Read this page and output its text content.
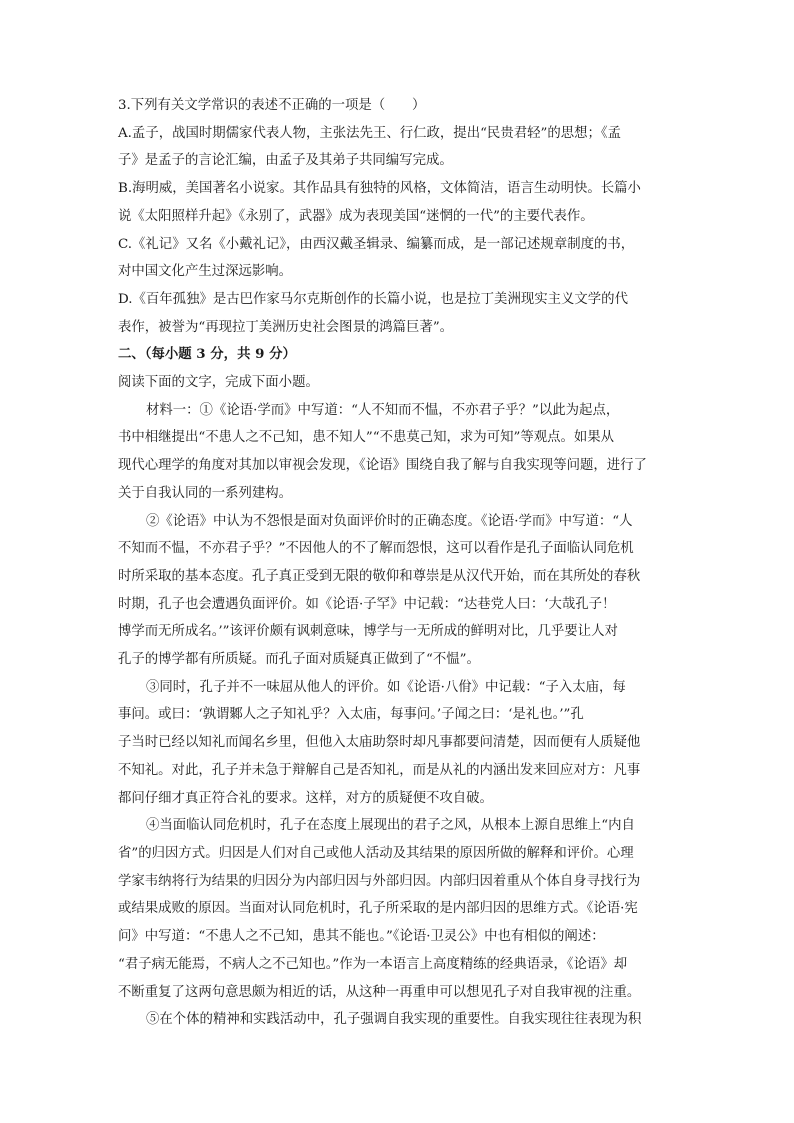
3.下列有关文学常识的表述不正确的一项是（　　）
A.孟子，战国时期儒家代表人物，主张法先王、行仁政，提出“民贵君轻”的思想；《孟
子》是孟子的言论汇编，由孟子及其弟子共同编写完成。
B.海明威，美国著名小说家。其作品具有独特的风格，文体简洁，语言生动明快。长篇小
说《太阳照样升起》《永别了，武器》成为表现美国“迷惘的一代”的主要代表作。
C.《礼记》又名《小戴礼记》，由西汉戴圣辑录、编纂而成，是一部记述规章制度的书，
对中国文化产生过深远影响。
D.《百年孤独》是古巴作家马尔克斯创作的长篇小说，也是拉丁美洲现实主义文学的代
表作，被誉为“再现拉丁美洲历史社会图景的鸿篇巨著”。
二、（每小题 3 分，共 9 分）
阅读下面的文字，完成下面小题。
材料一：①《论语·学而》中写道：“人不知而不愠，不亦君子乎？”以此为起点，
书中相继提出“不患人之不己知，患不知人”“不患莫己知，求为可知”等观点。如果从
现代心理学的角度对其加以审视会发现，《论语》围绕自我了解与自我实现等问题，进行了
关于自我认同的一系列建构。
②《论语》中认为不怨恨是面对负面评价时的正确态度。《论语·学而》中写道：“人
不知而不愠，不亦君子乎？”不因他人的不了解而怨恨，这可以看作是孔子面临认同危机
时所采取的基本态度。孔子真正受到无限的敬仰和尊崇是从汉代开始，而在其所处的春秋
时期，孔子也会遭遇负面评价。如《论语·子罕》中记载：“达巷党人曰：‘大哉孔子！
博学而无所成名。’”该评价颇有讽刺意味，博学与一无所成的鲜明对比，几乎要让人对
孔子的博学都有所质疑。而孔子面对质疑真正做到了“不愠”。
③同时，孔子并不一味屈从他人的评价。如《论语·八佾》中记载：“子入太庙，每
事问。或曰：‘孰谓鄹人之子知礼乎？入太庙，每事问。’子闻之曰：‘是礼也。’”孔
子当时已经以知礼而闻名乡里，但他入太庙助祭时却凡事都要问清楚，因而便有人质疑他
不知礼。对此，孔子并未急于辩解自己是否知礼，而是从礼的内涵出发来回应对方：凡事
都问仔细才真正符合礼的要求。这样，对方的质疑便不攻自破。
④当面临认同危机时，孔子在态度上展现出的君子之风，从根本上源自思维上“内自
省”的归因方式。归因是人们对自己或他人活动及其结果的原因所做的解释和评价。心理
学家韦纳将行为结果的归因分为内部归因与外部归因。内部归因着重从个体自身寻找行为
或结果成败的原因。当面对认同危机时，孔子所采取的是内部归因的思维方式。《论语·宪
问》中写道：“不患人之不己知，患其不能也。”《论语·卫灵公》中也有相似的阐述：
“君子病无能焉，不病人之不己知也。”作为一本语言上高度精练的经典语录，《论语》却
不断重复了这两句意思颇为相近的话，从这种一再重申可以想见孔子对自我审视的注重。
⑤在个体的精神和实践活动中，孔子强调自我实现的重要性。自我实现往往表现为积
